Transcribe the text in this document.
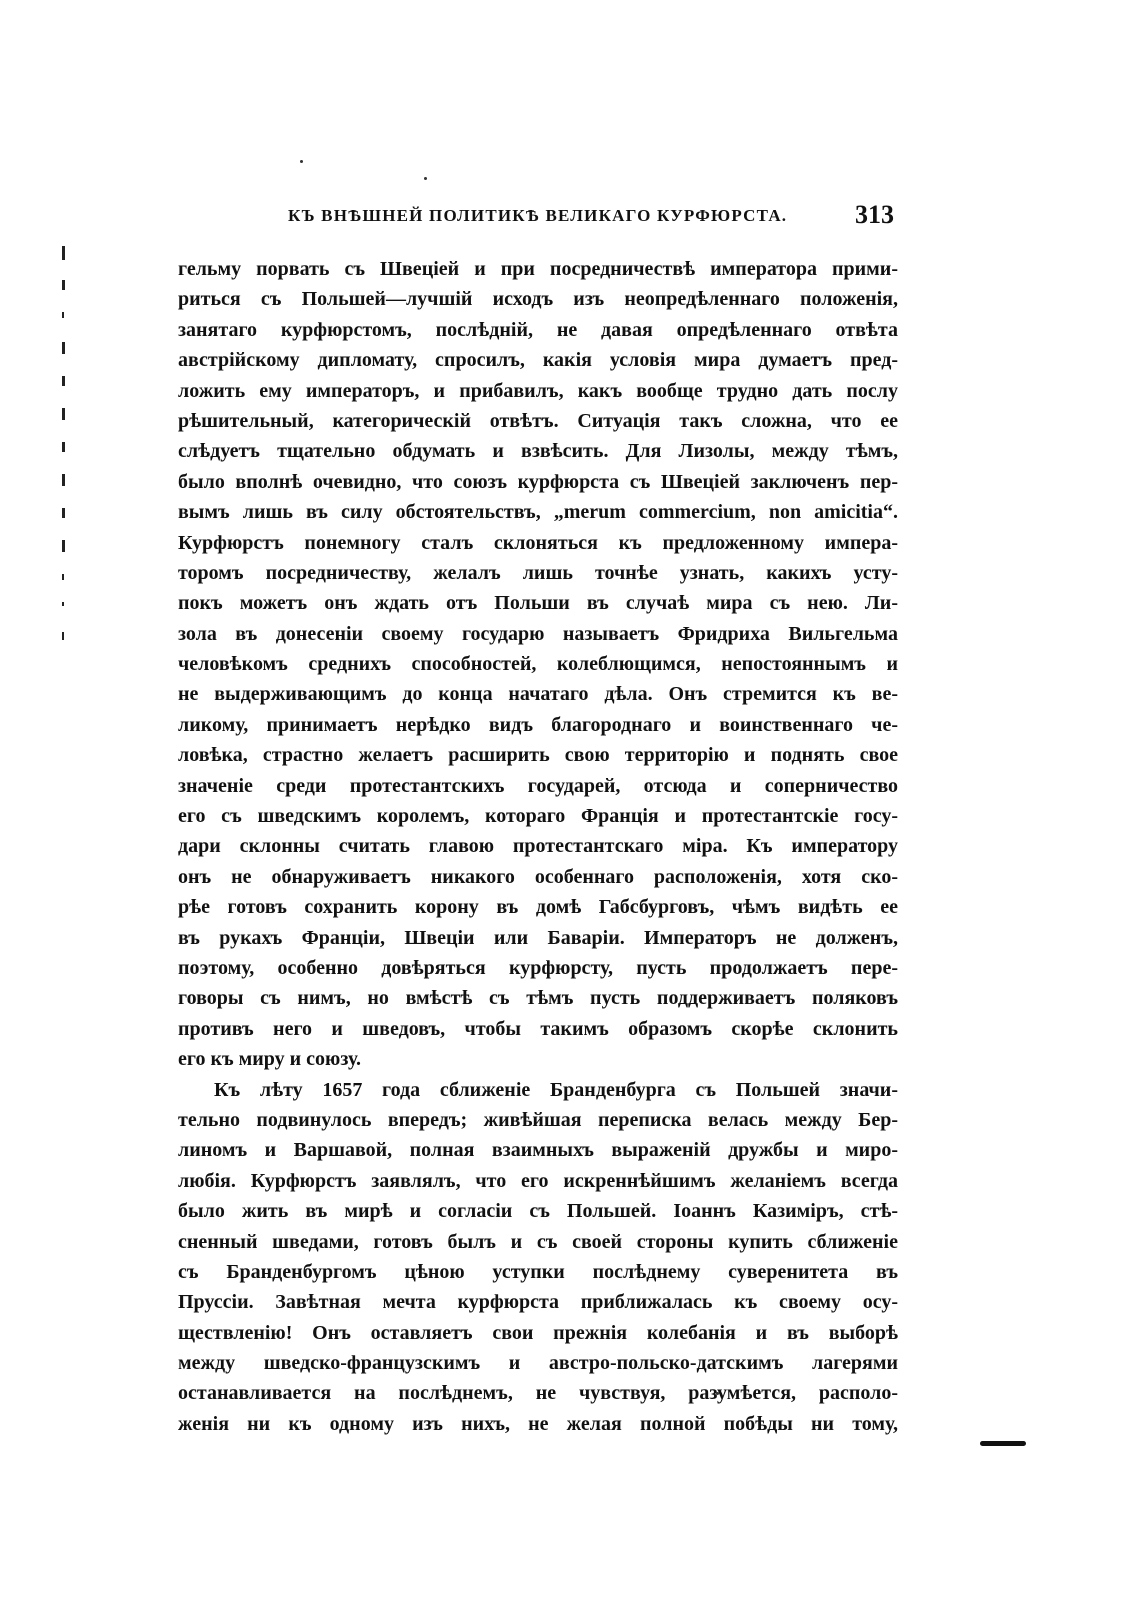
КЪ ВНѢШНЕЙ ПОЛИТИКѢ ВЕЛИКАГО КУРФЮРСТА.	313
гельму порвать съ Швеціей и при посредничествѣ императора прими-
риться съ Польшей—лучшій исходъ изъ неопредѣленнаго положенія,
занятаго курфюрстомъ, послѣдній, не давая опредѣленнаго отвѣта
австрійскому дипломату, спросилъ, какія условія мира думаетъ пред-
ложить ему императоръ, и прибавилъ, какъ вообще трудно дать послу
рѣшительный, категорическій отвѣтъ. Ситуація такъ сложна, что ее
слѣдуетъ тщательно обдумать и взвѣсить. Для Лизолы, между тѣмъ,
было вполнѣ очевидно, что союзъ курфюрста съ Швеціей заключенъ пер-
вымъ лишь въ силу обстоятельствъ, „merum commercium, non amicitia“.
Курфюрстъ понемногу сталъ склоняться къ предложенному импера-
торомъ посредничеству, желалъ лишь точнѣе узнать, какихъ усту-
покъ можетъ онъ ждать отъ Польши въ случаѣ мира съ нею. Ли-
зола въ донесеніи своему государю называетъ Фридриха Вильгельма
человѣкомъ среднихъ способностей, колеблющимся, непостояннымъ и
не выдерживающимъ до конца начатаго дѣла. Онъ стремится къ ве-
ликому, принимаетъ нерѣдко видъ благороднаго и воинственнаго че-
ловѣка, страстно желаетъ расширить свою территорію и поднять свое
значеніе среди протестантскихъ государей, отсюда и соперничество
его съ шведскимъ королемъ, котораго Франція и протестантскіе госу-
дари склонны считать главою протестантскаго міра. Къ императору
онъ не обнаруживаетъ никакого особеннаго расположенія, хотя ско-
рѣе готовъ сохранить корону въ домѣ Габсбурговъ, чѣмъ видѣть ее
въ рукахъ Франціи, Швеціи или Баваріи. Императоръ не долженъ,
поэтому, особенно довѣряться курфюрсту, пусть продолжаетъ пере-
говоры съ нимъ, но вмѣстѣ съ тѣмъ пусть поддерживаетъ поляковъ
противъ него и шведовъ, чтобы такимъ образомъ скорѣе склонить
его къ миру и союзу.
Къ лѣту 1657 года сближеніе Бранденбурга съ Польшей значи-
тельно подвинулось впередъ; живѣйшая переписка велась между Бер-
линомъ и Варшавой, полная взаимныхъ выраженій дружбы и миро-
любія. Курфюрстъ заявлялъ, что его искреннѣйшимъ желаніемъ всегда
было жить въ мирѣ и согласіи съ Польшей. Іоаннъ Казиміръ, стѣ-
сненный шведами, готовъ былъ и съ своей стороны купить сближеніе
съ Бранденбургомъ цѣною уступки послѣднему суверенитета въ
Пруссіи. Завѣтная мечта курфюрста приближалась къ своему осу-
ществленію! Онъ оставляетъ свои прежнія колебанія и въ выборѣ
между шведско-французскимъ и австро-польско-датскимъ лагерями
останавливается на послѣднемъ, не чувствуя, разумѣется, располо-
женія ни къ одному изъ нихъ, не желая полной побѣды ни тому,
